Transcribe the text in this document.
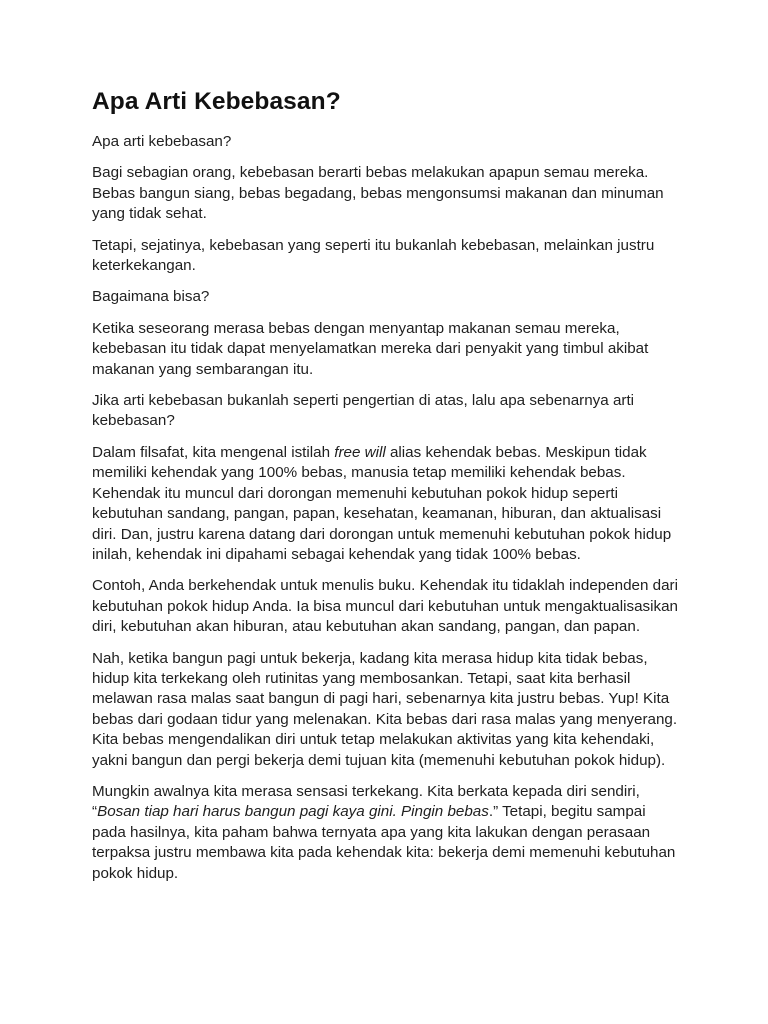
Apa Arti Kebebasan?

Apa arti kebebasan?

Bagi sebagian orang, kebebasan berarti bebas melakukan apapun semau mereka. Bebas bangun siang, bebas begadang, bebas mengonsumsi makanan dan minuman yang tidak sehat.

Tetapi, sejatinya, kebebasan yang seperti itu bukanlah kebebasan, melainkan justru keterkekangan.

Bagaimana bisa?

Ketika seseorang merasa bebas dengan menyantap makanan semau mereka, kebebasan itu tidak dapat menyelamatkan mereka dari penyakit yang timbul akibat makanan yang sembarangan itu.

Jika arti kebebasan bukanlah seperti pengertian di atas, lalu apa sebenarnya arti kebebasan?

Dalam filsafat, kita mengenal istilah free will alias kehendak bebas. Meskipun tidak memiliki kehendak yang 100% bebas, manusia tetap memiliki kehendak bebas. Kehendak itu muncul dari dorongan memenuhi kebutuhan pokok hidup seperti kebutuhan sandang, pangan, papan, kesehatan, keamanan, hiburan, dan aktualisasi diri. Dan, justru karena datang dari dorongan untuk memenuhi kebutuhan pokok hidup inilah, kehendak ini dipahami sebagai kehendak yang tidak 100% bebas.

Contoh, Anda berkehendak untuk menulis buku. Kehendak itu tidaklah independen dari kebutuhan pokok hidup Anda. Ia bisa muncul dari kebutuhan untuk mengaktualisasikan diri, kebutuhan akan hiburan, atau kebutuhan akan sandang, pangan, dan papan.

Nah, ketika bangun pagi untuk bekerja, kadang kita merasa hidup kita tidak bebas, hidup kita terkekang oleh rutinitas yang membosankan. Tetapi, saat kita berhasil melawan rasa malas saat bangun di pagi hari, sebenarnya kita justru bebas. Yup! Kita bebas dari godaan tidur yang melenakan. Kita bebas dari rasa malas yang menyerang. Kita bebas mengendalikan diri untuk tetap melakukan aktivitas yang kita kehendaki, yakni bangun dan pergi bekerja demi tujuan kita (memenuhi kebutuhan pokok hidup).

Mungkin awalnya kita merasa sensasi terkekang. Kita berkata kepada diri sendiri, “Bosan tiap hari harus bangun pagi kaya gini. Pingin bebas.” Tetapi, begitu sampai pada hasilnya, kita paham bahwa ternyata apa yang kita lakukan dengan perasaan terpaksa justru membawa kita pada kehendak kita: bekerja demi memenuhi kebutuhan pokok hidup.
